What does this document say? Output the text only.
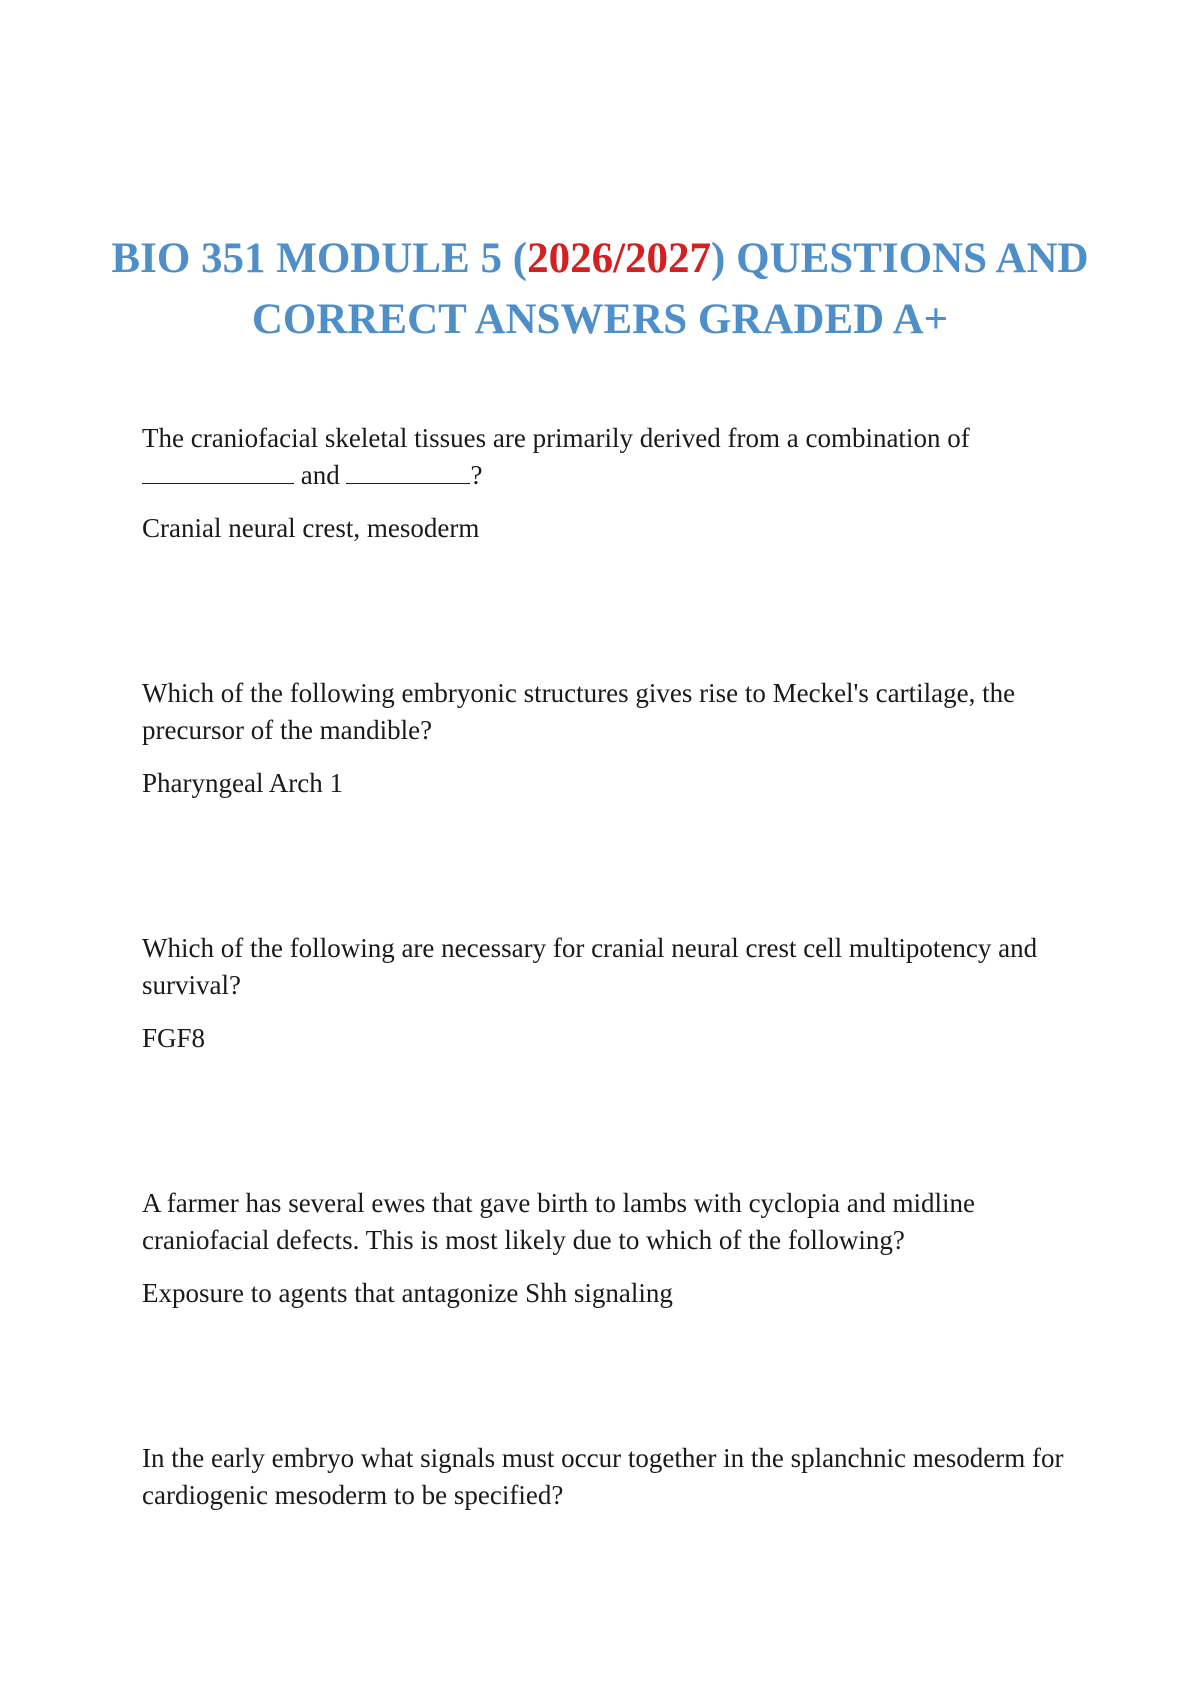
BIO 351 MODULE 5 (2026/2027) QUESTIONS AND CORRECT ANSWERS GRADED A+

The craniofacial skeletal tissues are primarily derived from a combination of
and	?

Cranial neural crest, mesoderm

Which of the following embryonic structures gives rise to Meckel's cartilage, the precursor of the mandible?

Pharyngeal Arch 1

Which of the following are necessary for cranial neural crest cell multipotency and survival?

FGF8

A farmer has several ewes that gave birth to lambs with cyclopia and midline craniofacial defects. This is most likely due to which of the following?

Exposure to agents that antagonize Shh signaling

In the early embryo what signals must occur together in the splanchnic mesoderm for cardiogenic mesoderm to be specified?
